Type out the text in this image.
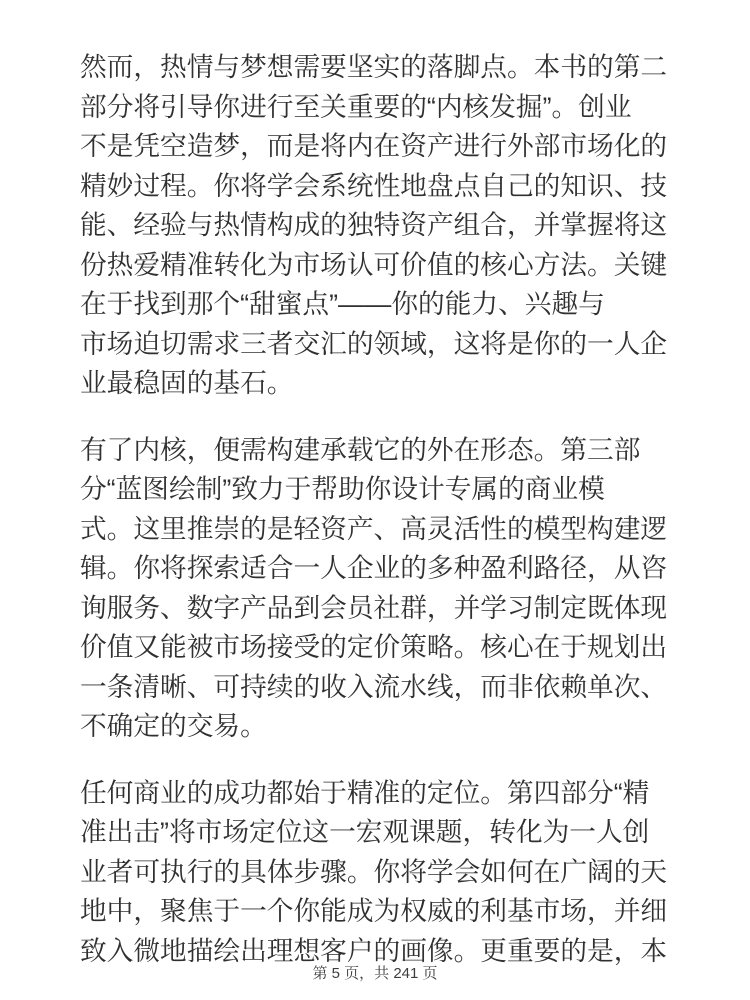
然而，热情与梦想需要坚实的落脚点。本书的第二
部分将引导你进行至关重要的“内核发掘”。创业
不是凭空造梦，而是将内在资产进行外部市场化的
精妙过程。你将学会系统性地盘点自己的知识、技
能、经验与热情构成的独特资产组合，并掌握将这
份热爱精准转化为市场认可价值的核心方法。关键
在于找到那个“甜蜜点”——你的能力、兴趣与
市场迫切需求三者交汇的领域，这将是你的一人企
业最稳固的基石。
有了内核，便需构建承载它的外在形态。第三部
分“蓝图绘制”致力于帮助你设计专属的商业模
式。这里推崇的是轻资产、高灵活性的模型构建逻
辑。你将探索适合一人企业的多种盈利路径，从咨
询服务、数字产品到会员社群，并学习制定既体现
价值又能被市场接受的定价策略。核心在于规划出
一条清晰、可持续的收入流水线，而非依赖单次、
不确定的交易。
任何商业的成功都始于精准的定位。第四部分“精
准出击”将市场定位这一宏观课题，转化为一人创
业者可执行的具体步骤。你将学会如何在广阔的天
地中，聚焦于一个你能成为权威的利基市场，并细
致入微地描绘出理想客户的画像。更重要的是，本
第 5 页，共 241 页
